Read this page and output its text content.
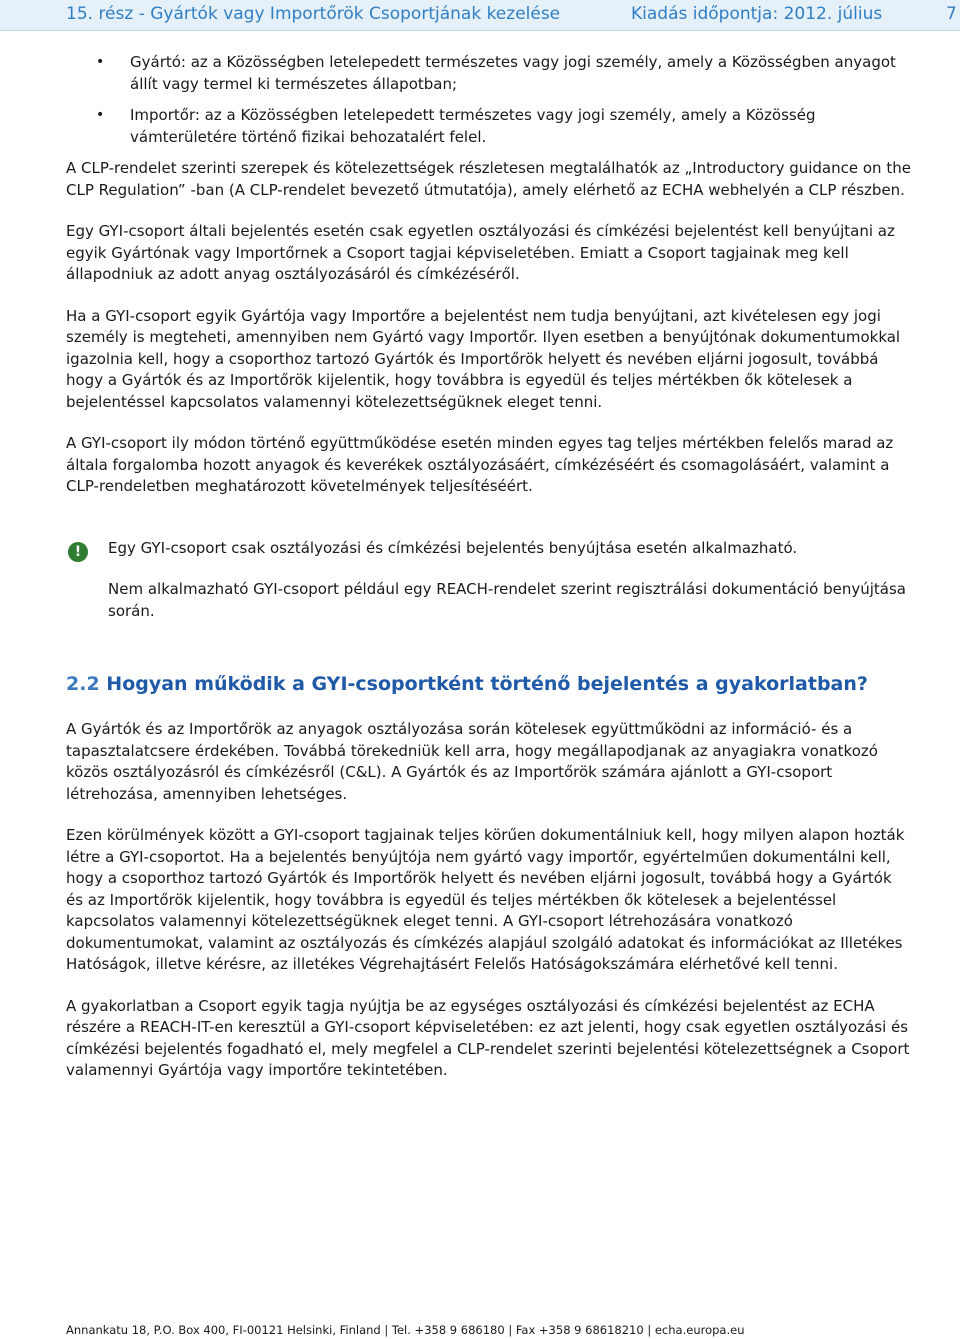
15. rész - Gyártók vagy Importőrök Csoportjának kezelése	Kiadás időpontja: 2012. július	7
• Gyártó: az a Közösségben letelepedett természetes vagy jogi személy, amely a Közösségben anyagot állít vagy termel ki természetes állapotban;
• Importőr: az a Közösségben letelepedett természetes vagy jogi személy, amely a Közösség vámterületére történő fizikai behozatalért felel.

A CLP-rendelet szerinti szerepek és kötelezettségek részletesen megtalálhatók az „Introductory guidance on the CLP Regulation” -ban (A CLP-rendelet bevezető útmutatója), amely elérhető az ECHA webhelyén a CLP részben.

Egy GYI-csoport általi bejelentés esetén csak egyetlen osztályozási és címkézési bejelentést kell benyújtani az egyik Gyártónak vagy Importőrnek a Csoport tagjai képviseletében. Emiatt a Csoport tagjainak meg kell állapodniuk az adott anyag osztályozásáról és címkézéséről.

Ha a GYI-csoport egyik Gyártója vagy Importőre a bejelentést nem tudja benyújtani, azt kivételesen egy jogi személy is megteheti, amennyiben nem Gyártó vagy Importőr. Ilyen esetben a benyújtónak dokumentumokkal igazolnia kell, hogy a csoporthoz tartozó Gyártók és Importőrök helyett és nevében eljárni jogosult, továbbá hogy a Gyártók és az Importőrök kijelentik, hogy továbbra is egyedül és teljes mértékben ők kötelesek a bejelentéssel kapcsolatos valamennyi kötelezettségüknek eleget tenni.

A GYI-csoport ily módon történő együttműködése esetén minden egyes tag teljes mértékben felelős marad az általa forgalomba hozott anyagok és keverékek osztályozásáért, címkézéséért és csomagolásáért, valamint a CLP-rendeletben meghatározott követelmények teljesítéséért.

!	Egy GYI-csoport csak osztályozási és címkézési bejelentés benyújtása esetén alkalmazható.

Nem alkalmazható GYI-csoport például egy REACH-rendelet szerint regisztrálási dokumentáció benyújtása során.

2.2 Hogyan működik a GYI-csoportként történő bejelentés a gyakorlatban?

A Gyártók és az Importőrök az anyagok osztályozása során kötelesek együttműködni az információ- és a tapasztalatcsere érdekében. Továbbá törekedniük kell arra, hogy megállapodjanak az anyagiakra vonatkozó közös osztályozásról és címkézésről (C&L). A Gyártók és az Importőrök számára ajánlott a GYI-csoport létrehozása, amennyiben lehetséges.

Ezen körülmények között a GYI-csoport tagjainak teljes körűen dokumentálniuk kell, hogy milyen alapon hozták létre a GYI-csoportot. Ha a bejelentés benyújtója nem gyártó vagy importőr, egyértelműen dokumentálni kell, hogy a csoporthoz tartozó Gyártók és Importőrök helyett és nevében eljárni jogosult, továbbá hogy a Gyártók és az Importőrök kijelentik, hogy továbbra is egyedül és teljes mértékben ők kötelesek a bejelentéssel kapcsolatos valamennyi kötelezettségüknek eleget tenni. A GYI-csoport létrehozására vonatkozó dokumentumokat, valamint az osztályozás és címkézés alapjául szolgáló adatokat és információkat az Illetékes Hatóságok, illetve kérésre, az illetékes Végrehajtásért Felelős Hatóságokszámára elérhetővé kell tenni.

A gyakorlatban a Csoport egyik tagja nyújtja be az egységes osztályozási és címkézési bejelentést az ECHA részére a REACH-IT-en keresztül a GYI-csoport képviseletében: ez azt jelenti, hogy csak egyetlen osztályozási és címkézési bejelentés fogadható el, mely megfelel a CLP-rendelet szerinti bejelentési kötelezettségnek a Csoport valamennyi Gyártója vagy importőre tekintetében.

Annankatu 18, P.O. Box 400, FI-00121 Helsinki, Finland | Tel. +358 9 686180 | Fax +358 9 68618210 | echa.europa.eu
